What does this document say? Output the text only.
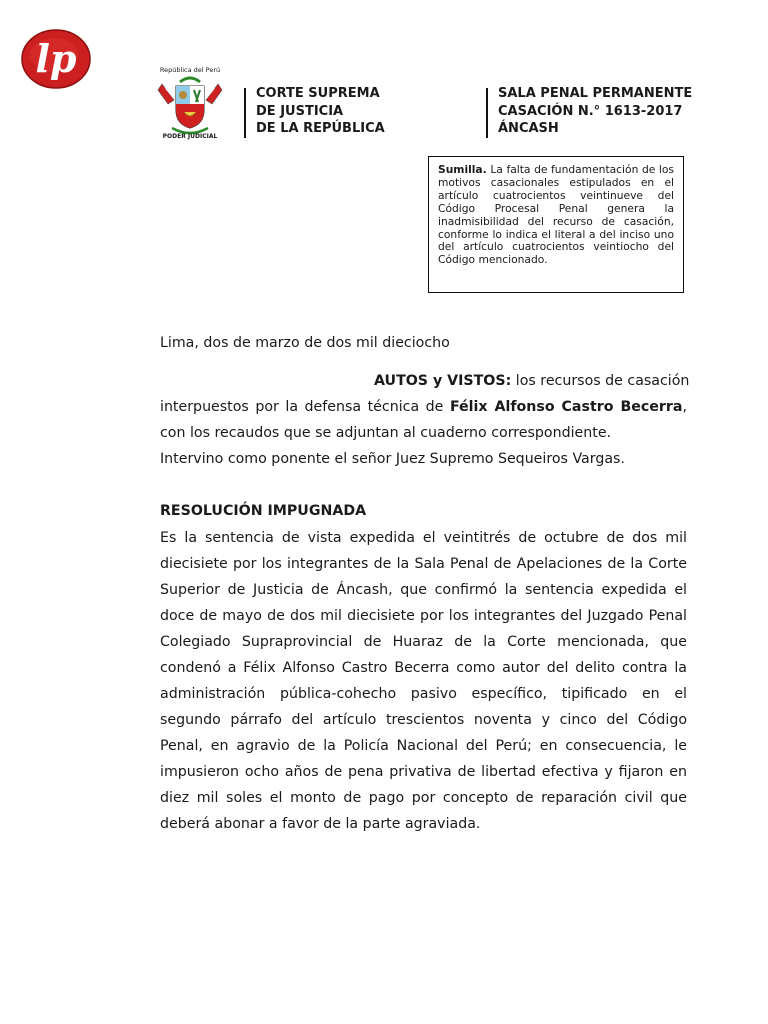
lp	República del Perú
PODER JUDICIAL
CORTE SUPREMA
DE JUSTICIA
DE LA REPÚBLICA
SALA PENAL PERMANENTE
CASACIÓN N.° 1613-2017
ÁNCASH
Sumilla. La falta de fundamentación de los motivos casacionales estipulados en el artículo cuatrocientos veintinueve del Código Procesal Penal genera la inadmisibilidad del recurso de casación, conforme lo indica el literal a del inciso uno del artículo cuatrocientos veintiocho del Código mencionado.
Lima, dos de marzo de dos mil dieciocho
AUTOS y VISTOS: los recursos de casación
interpuestos por la defensa técnica de Félix Alfonso Castro Becerra,
con los recaudos que se adjuntan al cuaderno correspondiente.
Intervino como ponente el señor Juez Supremo Sequeiros Vargas.
RESOLUCIÓN IMPUGNADA
Es la sentencia de vista expedida el veintitrés de octubre de dos mil diecisiete por los integrantes de la Sala Penal de Apelaciones de la Corte Superior de Justicia de Áncash, que confirmó la sentencia expedida el doce de mayo de dos mil diecisiete por los integrantes del Juzgado Penal Colegiado Supraprovincial de Huaraz de la Corte mencionada, que condenó a Félix Alfonso Castro Becerra como autor del delito contra la administración pública-cohecho pasivo específico, tipificado en el segundo párrafo del artículo trescientos noventa y cinco del Código Penal, en agravio de la Policía Nacional del Perú; en consecuencia, le impusieron ocho años de pena privativa de libertad efectiva y fijaron en diez mil soles el monto de pago por concepto de reparación civil que deberá abonar a favor de la parte agraviada.
